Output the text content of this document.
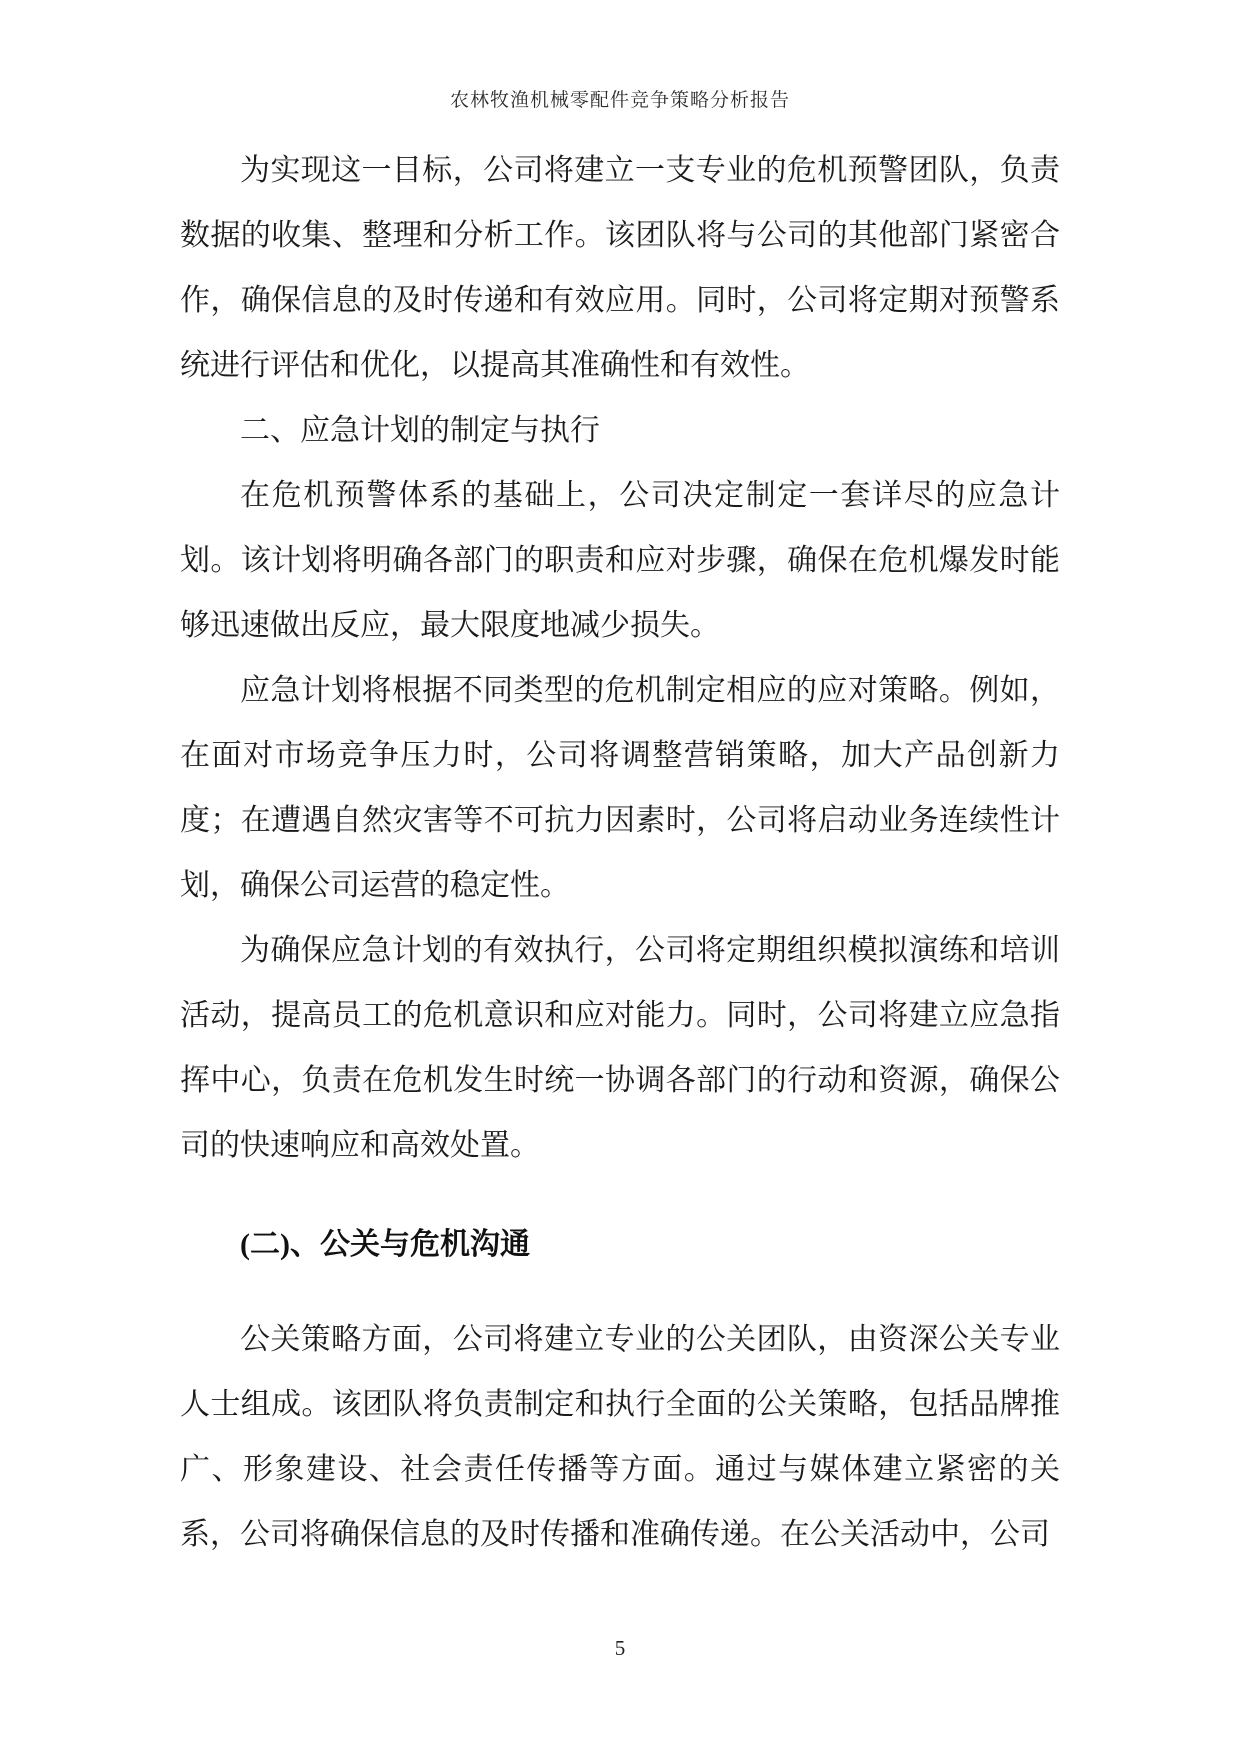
农林牧渔机械零配件竞争策略分析报告

为实现这一目标，公司将建立一支专业的危机预警团队，负责数据的收集、整理和分析工作。该团队将与公司的其他部门紧密合作，确保信息的及时传递和有效应用。同时，公司将定期对预警系统进行评估和优化，以提高其准确性和有效性。

二、应急计划的制定与执行

在危机预警体系的基础上，公司决定制定一套详尽的应急计划。该计划将明确各部门的职责和应对步骤，确保在危机爆发时能够迅速做出反应，最大限度地减少损失。

应急计划将根据不同类型的危机制定相应的应对策略。例如，在面对市场竞争压力时，公司将调整营销策略，加大产品创新力度；在遭遇自然灾害等不可抗力因素时，公司将启动业务连续性计划，确保公司运营的稳定性。

为确保应急计划的有效执行，公司将定期组织模拟演练和培训活动，提高员工的危机意识和应对能力。同时，公司将建立应急指挥中心，负责在危机发生时统一协调各部门的行动和资源，确保公司的快速响应和高效处置。

(二)、公关与危机沟通

公关策略方面，公司将建立专业的公关团队，由资深公关专业人士组成。该团队将负责制定和执行全面的公关策略，包括品牌推广、形象建设、社会责任传播等方面。通过与媒体建立紧密的关系，公司将确保信息的及时传播和准确传递。在公关活动中，公司

5
